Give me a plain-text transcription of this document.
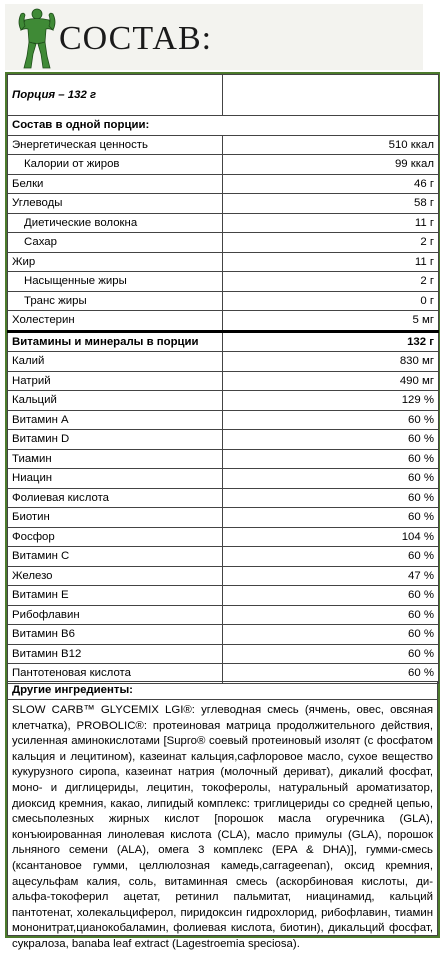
СОСТАВ:
Порция – 132 г	
Состав в одной порции:	
Энергетическая ценность	510 ккал
Калории от жиров	99 ккал
Белки	46 г
Углеводы	58 г
Диетические волокна	11 г
Сахар	2 г
Жир	11 г
Насыщенные жиры	2 г
Транс жиры	0 г
Холестерин	5 мг
Витамины и минералы в порции	132 г
Калий	830 мг
Натрий	490 мг
Кальций	129 %
Витамин А	60 %
Витамин D	60 %
Тиамин	60 %
Ниацин	60 %
Фолиевая кислота	60 %
Биотин	60 %
Фосфор	104 %
Витамин С	60 %
Железо	47 %
Витамин Е	60 %
Рибофлавин	60 %
Витамин В6	60 %
Витамин В12	60 %
Пантотеновая кислота	60 %
Другие ингредиенты:
SLOW CARB™ GLYCEMIX LGI®: углеводная смесь (ячмень, овес, овсяная клетчатка), PROBOLIC®: протеиновая матрица продолжительного действия, усиленная аминокислотами [Supro® соевый протеиновый изолят (с фосфатом кальция и лецитином), казеинат кальция,сафлоровое масло, сухое вещество кукурузного сиропа, казеинат натрия (молочный дериват), дикалий фосфат, моно- и диглицериды, лецитин, токоферолы, натуральный ароматизатор, диоксид кремния, какао, липидый комплекс: триглицериды со средней цепью, смесьполезных жирных кислот [порошок масла огуречника (GLA), конъюированная линолевая кислота (CLA), масло примулы (GLA), порошок льняного семени (ALA), омега 3 комплекс (EPA & DHA)], гумми-смесь (ксантановое гумми, целлюлозная камедь,carrageenan), оксид кремния, ацесульфам калия, соль, витаминная смесь (аскорбиновая кислоты, ди-альфа-токоферил ацетат, ретинил пальмитат, ниацинамид, кальций пантотенат, холекальциферол, пиридоксин гидрохлорид, рибофлавин, тиамин мононитрат,цианокобаламин, фолиевая кислота, биотин), дикальций фосфат, сукралоза, banaba leaf extract (Lagestroemia speciosa).
